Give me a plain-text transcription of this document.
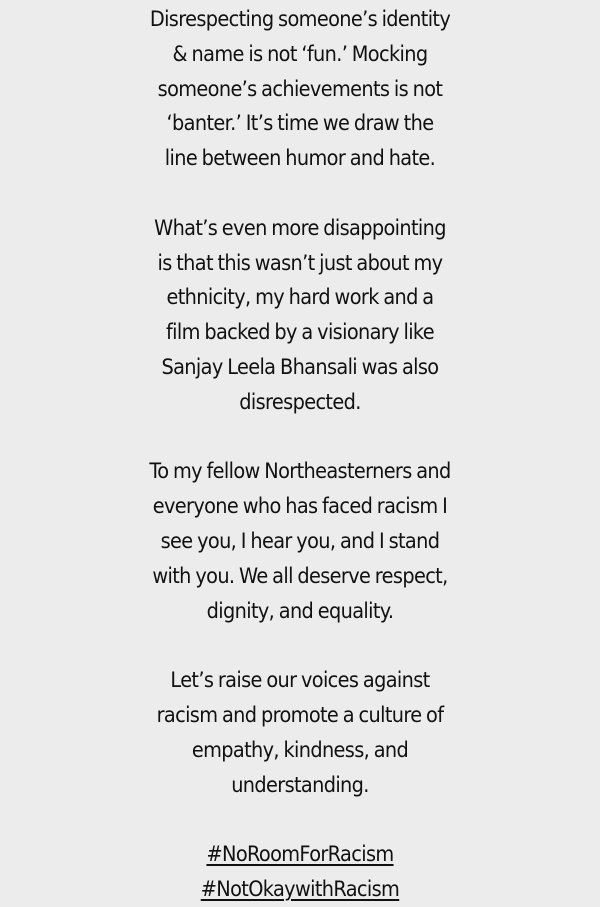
Disrespecting someone’s identity & name is not ‘fun.’ Mocking someone’s achievements is not ‘banter.’ It’s time we draw the line between humor and hate.

What’s even more disappointing is that this wasn’t just about my ethnicity, my hard work and a film backed by a visionary like Sanjay Leela Bhansali was also disrespected.

To my fellow Northeasterners and everyone who has faced racism I see you, I hear you, and I stand with you. We all deserve respect, dignity, and equality.

Let’s raise our voices against racism and promote a culture of empathy, kindness, and understanding.

#NoRoomForRacism
#NotOkaywithRacism
